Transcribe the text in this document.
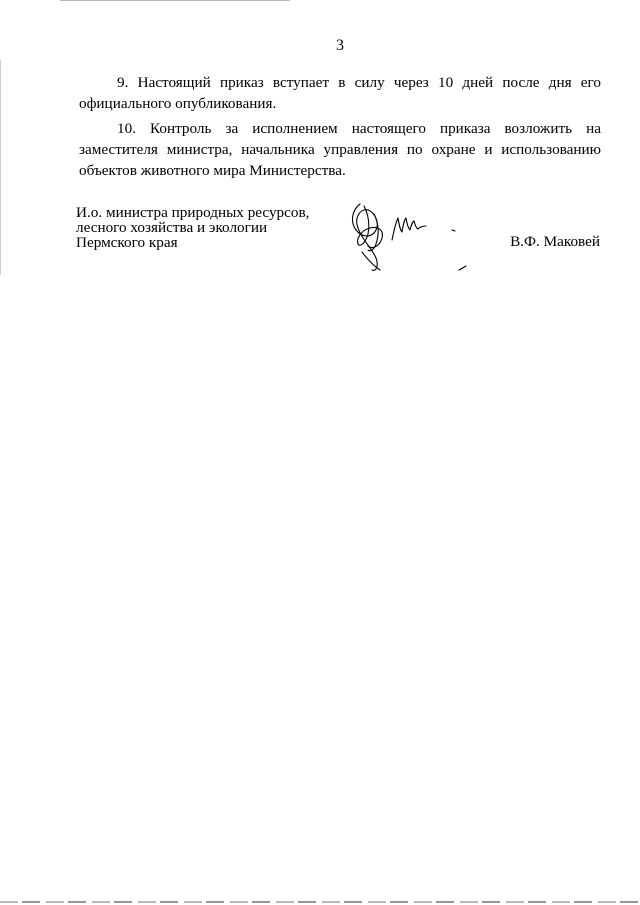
3

9. Настоящий приказ вступает в силу через 10 дней после дня его официального опубликования.

10. Контроль за исполнением настоящего приказа возложить на заместителя министра, начальника управления по охране и использованию объектов животного мира Министерства.

И.о. министра природных ресурсов,
лесного хозяйства и экологии
Пермского края	В.Ф. Маковей
